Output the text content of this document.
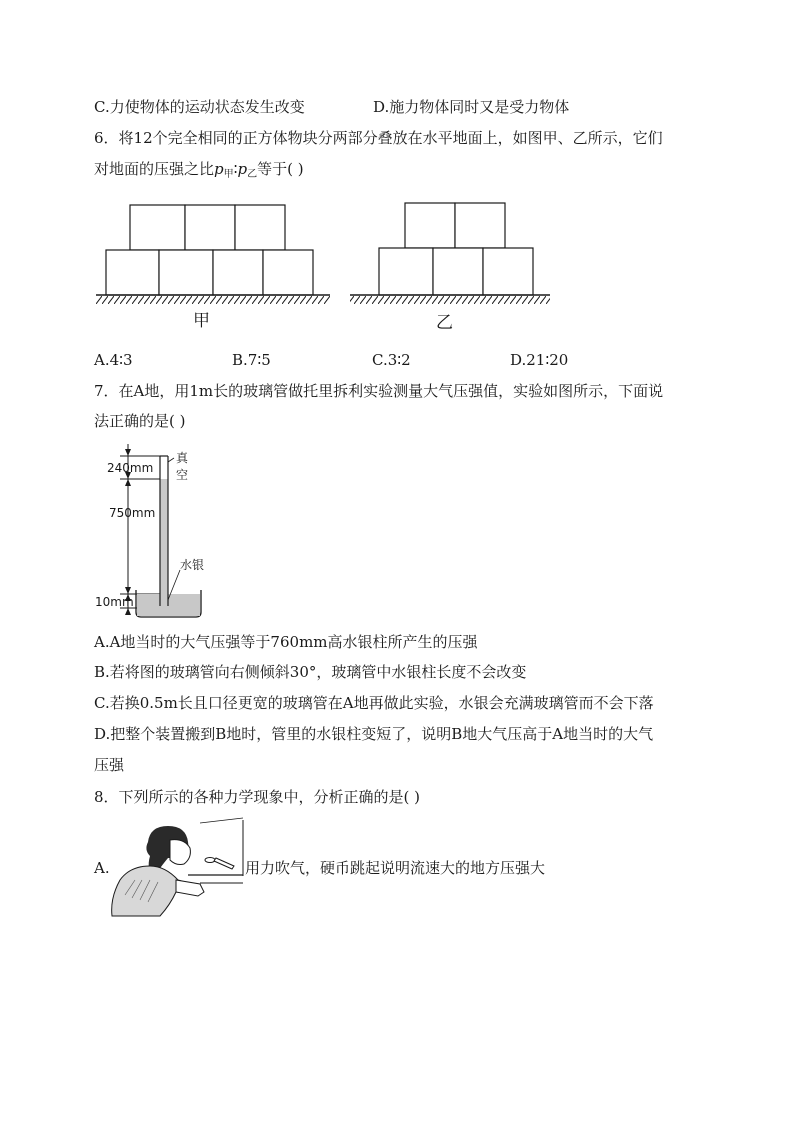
C.力使物体的运动状态发生改变	D.施力物体同时又是受力物体
6．将12个完全相同的正方体物块分两部分叠放在水平地面上，如图甲、乙所示，它们
对地面的压强之比$p_甲∶p_乙$等于( )
甲	乙
A.4∶3	B.7∶5	C.3∶2	D.21∶20
7．在A地，用1m长的玻璃管做托里拆利实验测量大气压强值，实验如图所示，下面说
法正确的是( )
240mm
750mm
10mm
真
空
水银
A.A地当时的大气压强等于760mm高水银柱所产生的压强
B.若将图的玻璃管向右侧倾斜30°，玻璃管中水银柱长度不会改变
C.若换0.5m长且口径更宽的玻璃管在A地再做此实验，水银会充满玻璃管而不会下落
D.把整个装置搬到B地时，管里的水银柱变短了，说明B地大气压高于A地当时的大气
压强
8．下列所示的各种力学现象中，分析正确的是( )
A.	用力吹气，硬币跳起说明流速大的地方压强大
